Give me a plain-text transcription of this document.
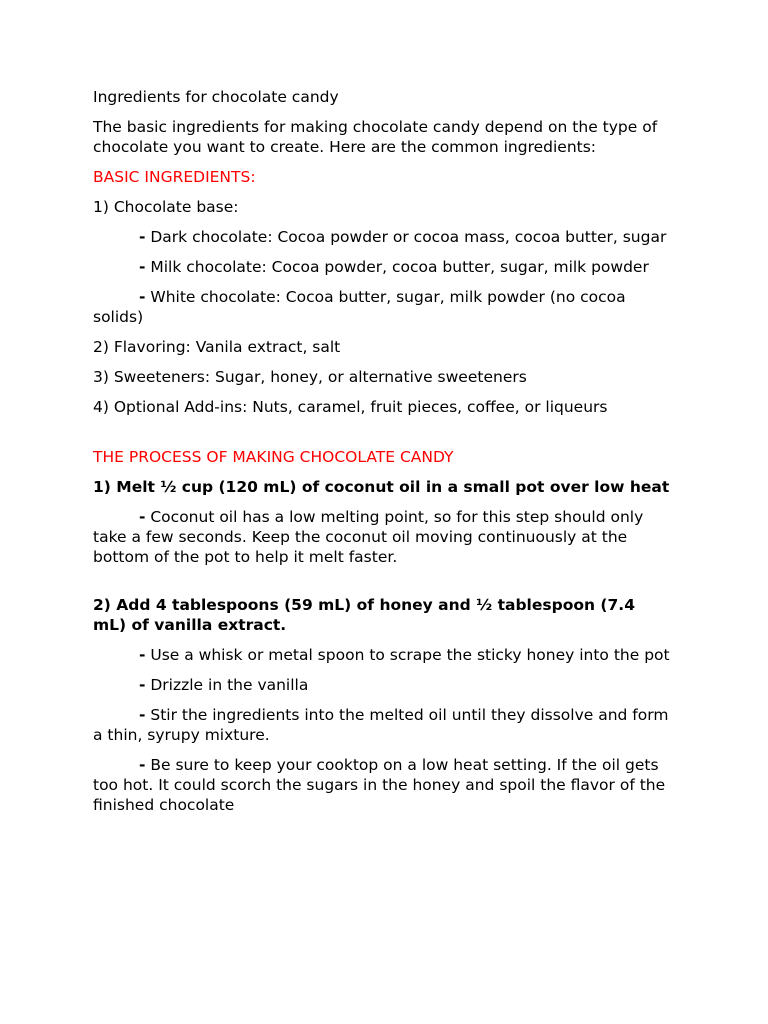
Ingredients for chocolate candy

The basic ingredients for making chocolate candy depend on the type of chocolate you want to create. Here are the common ingredients:

BASIC INGREDIENTS:

1) Chocolate base:

- Dark chocolate: Cocoa powder or cocoa mass, cocoa butter, sugar

- Milk chocolate: Cocoa powder, cocoa butter, sugar, milk powder

- White chocolate: Cocoa butter, sugar, milk powder (no cocoa solids)

2) Flavoring: Vanila extract, salt

3) Sweeteners: Sugar, honey, or alternative sweeteners

4) Optional Add-ins: Nuts, caramel, fruit pieces, coffee, or liqueurs

THE PROCESS OF MAKING CHOCOLATE CANDY

1) Melt ½ cup (120 mL) of coconut oil in a small pot over low heat

- Coconut oil has a low melting point, so for this step should only take a few seconds. Keep the coconut oil moving continuously at the bottom of the pot to help it melt faster.

2) Add 4 tablespoons (59 mL) of honey and ½ tablespoon (7.4 mL) of vanilla extract.

- Use a whisk or metal spoon to scrape the sticky honey into the pot

- Drizzle in the vanilla

- Stir the ingredients into the melted oil until they dissolve and form a thin, syrupy mixture.

- Be sure to keep your cooktop on a low heat setting. If the oil gets too hot. It could scorch the sugars in the honey and spoil the flavor of the finished chocolate
